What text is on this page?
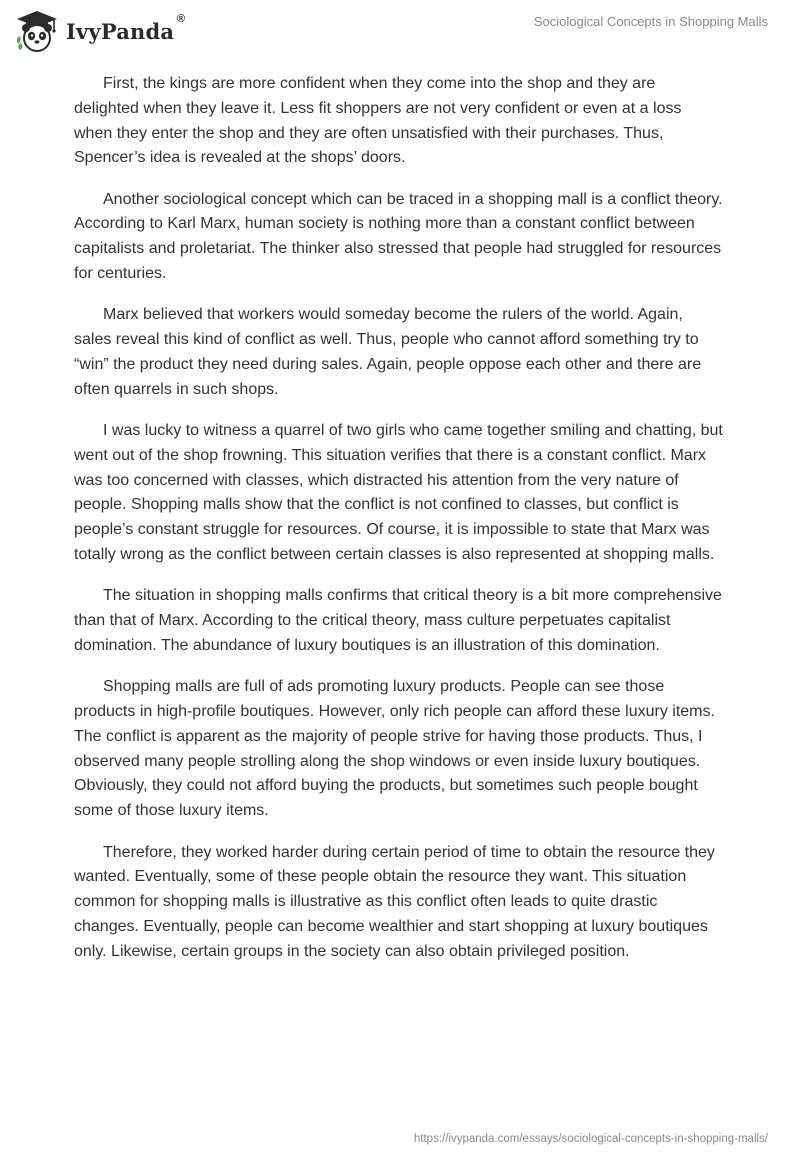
IvyPanda ®	Sociological Concepts in Shopping Malls

First, the kings are more confident when they come into the shop and they are delighted when they leave it. Less fit shoppers are not very confident or even at a loss when they enter the shop and they are often unsatisfied with their purchases. Thus, Spencer’s idea is revealed at the shops’ doors.

Another sociological concept which can be traced in a shopping mall is a conflict theory. According to Karl Marx, human society is nothing more than a constant conflict between capitalists and proletariat. The thinker also stressed that people had struggled for resources for centuries.

Marx believed that workers would someday become the rulers of the world. Again, sales reveal this kind of conflict as well. Thus, people who cannot afford something try to “win” the product they need during sales. Again, people oppose each other and there are often quarrels in such shops.

I was lucky to witness a quarrel of two girls who came together smiling and chatting, but went out of the shop frowning. This situation verifies that there is a constant conflict. Marx was too concerned with classes, which distracted his attention from the very nature of people. Shopping malls show that the conflict is not confined to classes, but conflict is people’s constant struggle for resources. Of course, it is impossible to state that Marx was totally wrong as the conflict between certain classes is also represented at shopping malls.

The situation in shopping malls confirms that critical theory is a bit more comprehensive than that of Marx. According to the critical theory, mass culture perpetuates capitalist domination. The abundance of luxury boutiques is an illustration of this domination.

Shopping malls are full of ads promoting luxury products. People can see those products in high-profile boutiques. However, only rich people can afford these luxury items. The conflict is apparent as the majority of people strive for having those products. Thus, I observed many people strolling along the shop windows or even inside luxury boutiques. Obviously, they could not afford buying the products, but sometimes such people bought some of those luxury items.

Therefore, they worked harder during certain period of time to obtain the resource they wanted. Eventually, some of these people obtain the resource they want. This situation common for shopping malls is illustrative as this conflict often leads to quite drastic changes. Eventually, people can become wealthier and start shopping at luxury boutiques only. Likewise, certain groups in the society can also obtain privileged position.

https://ivypanda.com/essays/sociological-concepts-in-shopping-malls/
